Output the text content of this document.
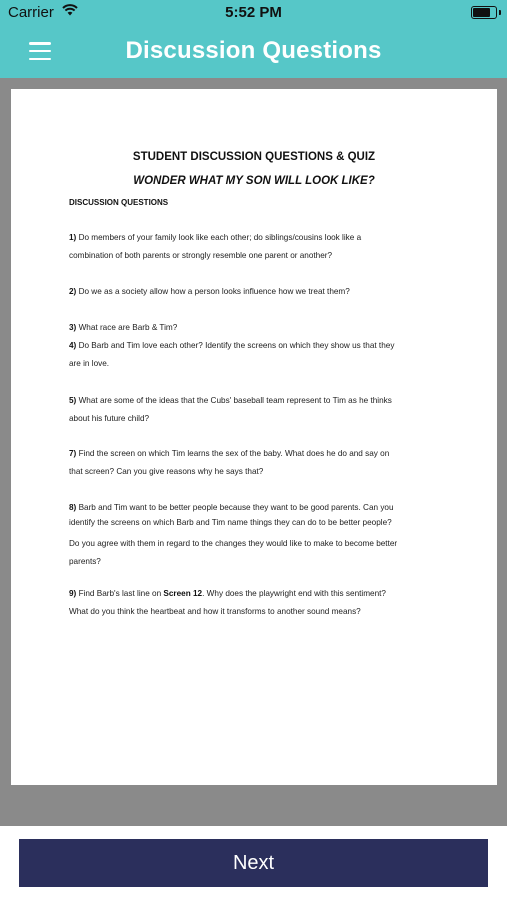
Carrier	5:52 PM
Discussion Questions
STUDENT DISCUSSION QUESTIONS & QUIZ
WONDER WHAT MY SON WILL LOOK LIKE?
DISCUSSION QUESTIONS
1) Do members of your family look like each other; do siblings/cousins look like a
combination of both parents or strongly resemble one parent or another?
2) Do we as a society allow how a person looks influence how we treat them?
3) What race are Barb & Tim?
4) Do Barb and Tim love each other? Identify the screens on which they show us that they
are in love.
5) What are some of the ideas that the Cubs' baseball team represent to Tim as he thinks
about his future child?
7) Find the screen on which Tim learns the sex of the baby. What does he do and say on
that screen? Can you give reasons why he says that?
8) Barb and Tim want to be better people because they want to be good parents. Can you
identify the screens on which Barb and Tim name things they can do to be better people?
Do you agree with them in regard to the changes they would like to make to become better
parents?
9) Find Barb's last line on Screen 12. Why does the playwright end with this sentiment?
What do you think the heartbeat and how it transforms to another sound means?
Next
